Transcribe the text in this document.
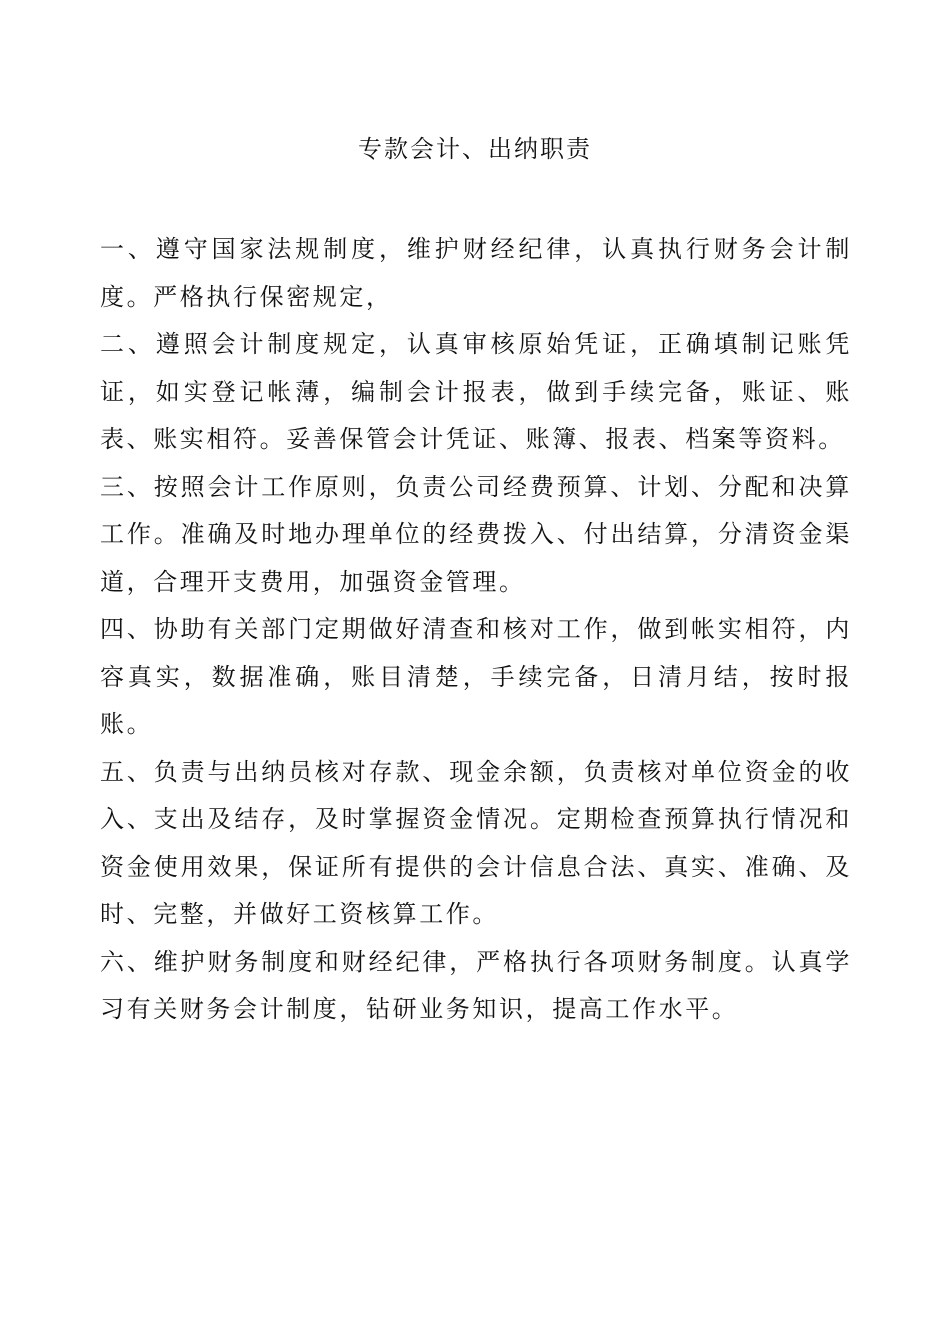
专款会计、出纳职责

一、遵守国家法规制度，维护财经纪律，认真执行财务会计制度。严格执行保密规定，

二、遵照会计制度规定，认真审核原始凭证，正确填制记账凭证，如实登记帐薄，编制会计报表，做到手续完备，账证、账表、账实相符。妥善保管会计凭证、账簿、报表、档案等资料。

三、按照会计工作原则，负责公司经费预算、计划、分配和决算工作。准确及时地办理单位的经费拨入、付出结算，分清资金渠道，合理开支费用，加强资金管理。

四、协助有关部门定期做好清查和核对工作，做到帐实相符，内容真实，数据准确，账目清楚，手续完备，日清月结，按时报账。

五、负责与出纳员核对存款、现金余额，负责核对单位资金的收入、支出及结存，及时掌握资金情况。定期检查预算执行情况和资金使用效果，保证所有提供的会计信息合法、真实、准确、及时、完整，并做好工资核算工作。

六、维护财务制度和财经纪律，严格执行各项财务制度。认真学习有关财务会计制度，钻研业务知识，提高工作水平。
